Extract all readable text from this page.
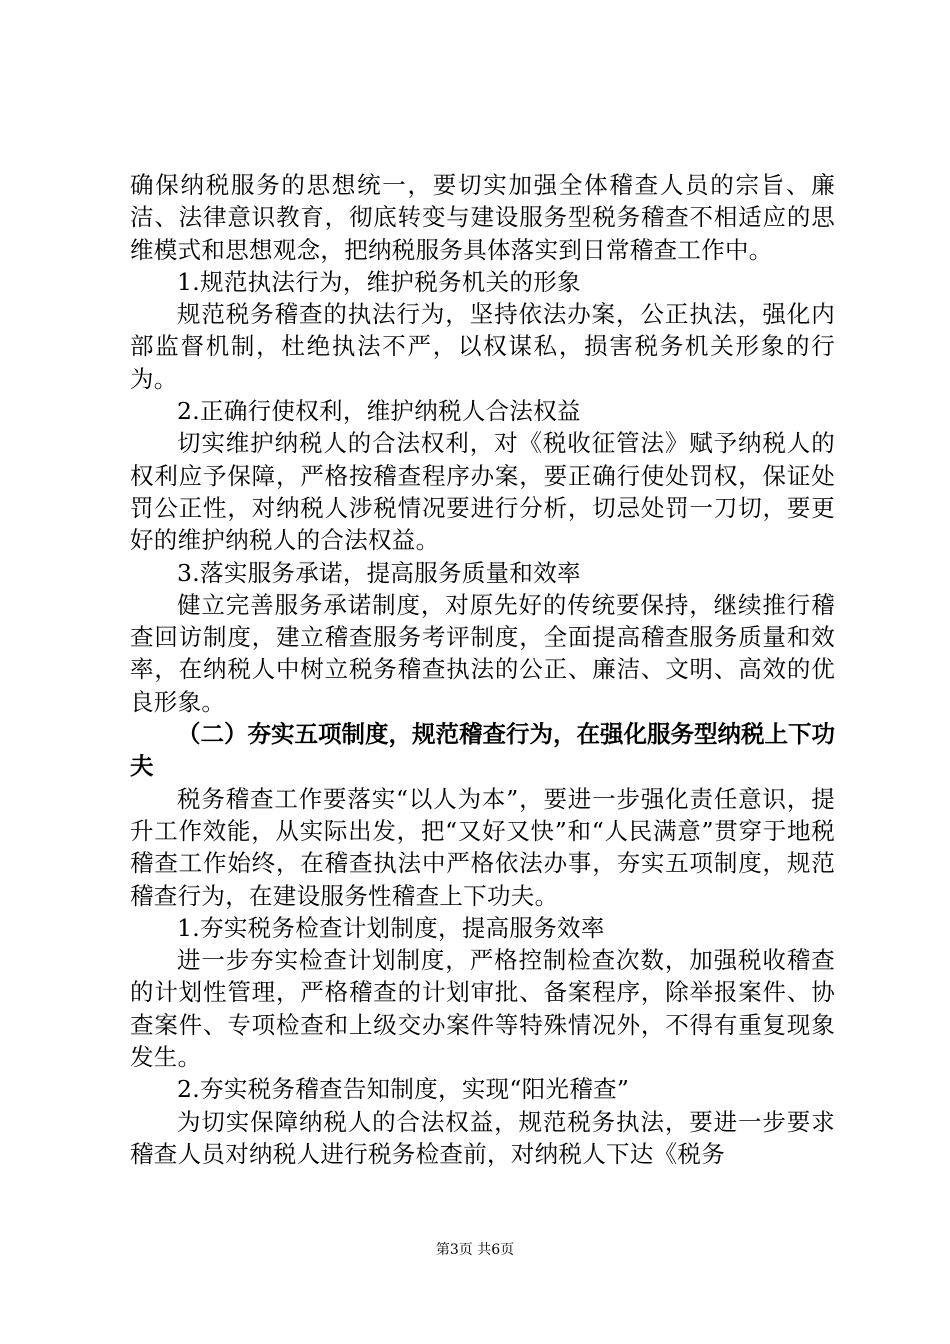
确保纳税服务的思想统一，要切实加强全体稽查人员的宗旨、廉洁、法律意识教育，彻底转变与建设服务型税务稽查不相适应的思维模式和思想观念，把纳税服务具体落实到日常稽查工作中。

1.规范执法行为，维护税务机关的形象

规范税务稽查的执法行为，坚持依法办案，公正执法，强化内部监督机制，杜绝执法不严，以权谋私，损害税务机关形象的行为。

2.正确行使权利，维护纳税人合法权益

切实维护纳税人的合法权利，对《税收征管法》赋予纳税人的权利应予保障，严格按稽查程序办案，要正确行使处罚权，保证处罚公正性，对纳税人涉税情况要进行分析，切忌处罚一刀切，要更好的维护纳税人的合法权益。

3.落实服务承诺，提高服务质量和效率

健立完善服务承诺制度，对原先好的传统要保持，继续推行稽查回访制度，建立稽查服务考评制度，全面提高稽查服务质量和效率，在纳税人中树立税务稽查执法的公正、廉洁、文明、高效的优良形象。

（二）夯实五项制度，规范稽查行为，在强化服务型纳税上下功夫

税务稽查工作要落实“以人为本”，要进一步强化责任意识，提升工作效能，从实际出发，把“又好又快”和“人民满意”贯穿于地税稽查工作始终，在稽查执法中严格依法办事，夯实五项制度，规范稽查行为，在建设服务性稽查上下功夫。

1.夯实税务检查计划制度，提高服务效率

进一步夯实检查计划制度，严格控制检查次数，加强税收稽查的计划性管理，严格稽查的计划审批、备案程序，除举报案件、协查案件、专项检查和上级交办案件等特殊情况外，不得有重复现象发生。

2.夯实税务稽查告知制度，实现“阳光稽查”

为切实保障纳税人的合法权益，规范税务执法，要进一步要求稽查人员对纳税人进行税务检查前，对纳税人下达《税务

第3页 共6页
